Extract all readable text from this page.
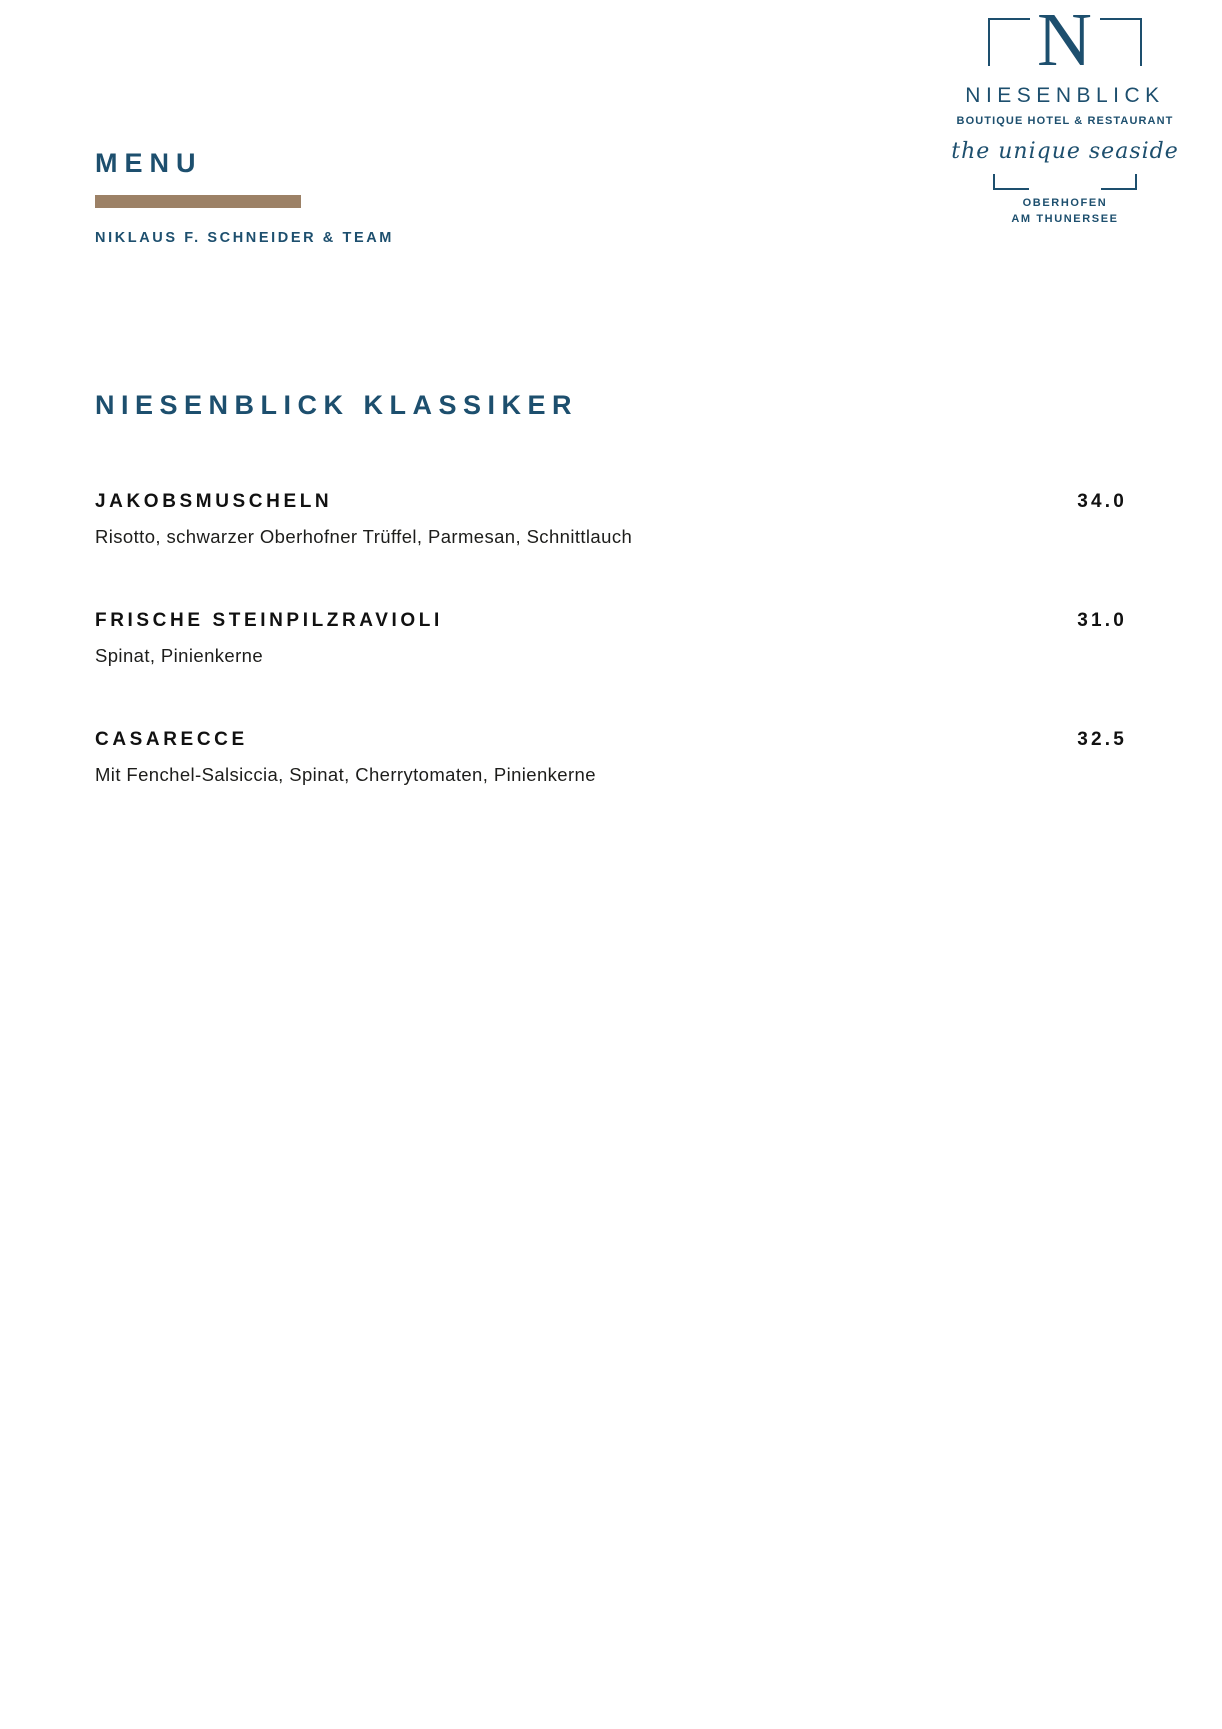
MENU
NIKLAUS F. SCHNEIDER & TEAM
N
NIESENBLICK
BOUTIQUE HOTEL & RESTAURANT
the unique seaside
OBERHOFEN
AM THUNERSEE
NIESENBLICK KLASSIKER
JAKOBSMUSCHELN	34.0
Risotto, schwarzer Oberhofner Trüffel, Parmesan, Schnittlauch
FRISCHE STEINPILZRAVIOLI	31.0
Spinat, Pinienkerne
CASARECCE	32.5
Mit Fenchel-Salsiccia, Spinat, Cherrytomaten, Pinienkerne
